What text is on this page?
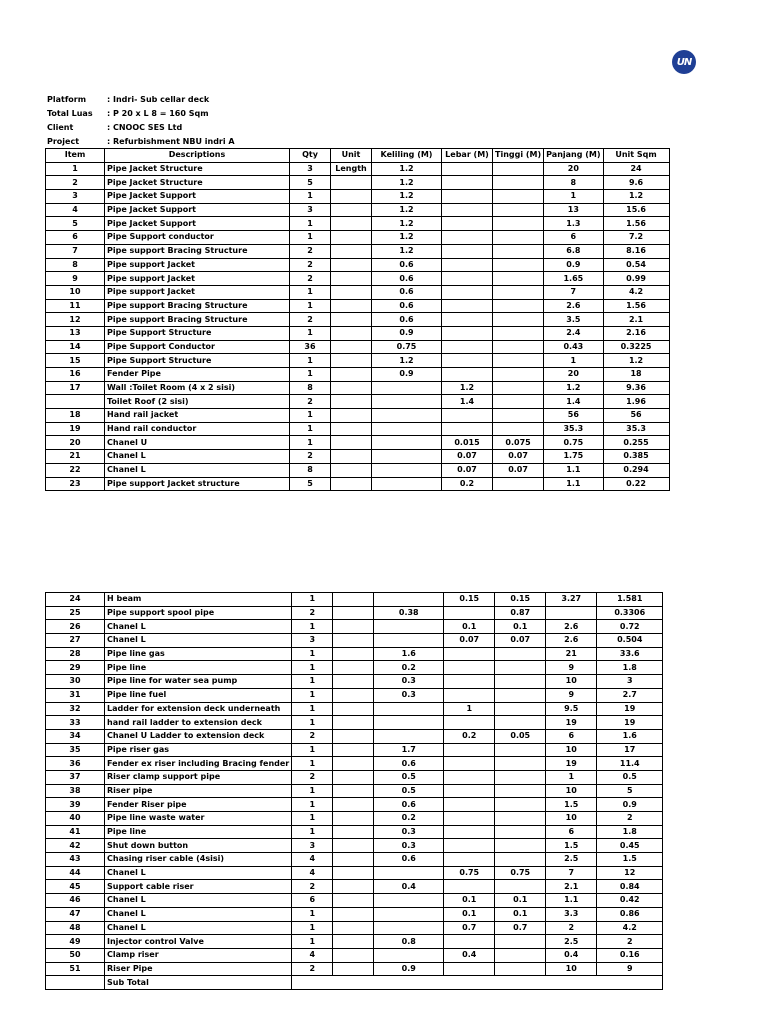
UN
Platform	: Indri- Sub cellar deck
Total Luas	: P 20 x L 8 = 160 Sqm
Client	: CNOOC SES Ltd
Project	: Refurbishment NBU indri A
Item	Descriptions	Qty	Unit	Keliling (M)	Lebar (M)	Tinggi (M)	Panjang (M)	Unit Sqm
1	Pipe Jacket Structure	3	Length	1.2			20	24
2	Pipe Jacket Structure	5		1.2			8	9.6
3	Pipe Jacket Support	1		1.2			1	1.2
4	Pipe Jacket Support	3		1.2			13	15.6
5	Pipe Jacket Support	1		1.2			1.3	1.56
6	Pipe Support conductor	1		1.2			6	7.2
7	Pipe support Bracing Structure	2		1.2			6.8	8.16
8	Pipe support Jacket	2		0.6			0.9	0.54
9	Pipe support Jacket	2		0.6			1.65	0.99
10	Pipe support Jacket	1		0.6			7	4.2
11	Pipe support Bracing Structure	1		0.6			2.6	1.56
12	Pipe support Bracing Structure	2		0.6			3.5	2.1
13	Pipe Support Structure	1		0.9			2.4	2.16
14	Pipe Support Conductor	36		0.75			0.43	0.3225
15	Pipe Support Structure	1		1.2			1	1.2
16	Fender Pipe	1		0.9			20	18
17	Wall :Toilet Room (4 x 2 sisi)	8			1.2		1.2	9.36
	Toilet Roof (2 sisi)	2			1.4		1.4	1.96
18	Hand rail jacket	1					56	56
19	Hand rail conductor	1					35.3	35.3
20	Chanel U	1			0.015	0.075	0.75	0.255
21	Chanel L	2			0.07	0.07	1.75	0.385
22	Chanel L	8			0.07	0.07	1.1	0.294
23	Pipe support Jacket structure	5			0.2		1.1	0.22
24	H beam	1			0.15	0.15	3.27	1.581
25	Pipe support spool pipe	2		0.38		0.87		0.3306
26	Chanel L	1			0.1	0.1	2.6	0.72
27	Chanel L	3			0.07	0.07	2.6	0.504
28	Pipe line gas	1		1.6			21	33.6
29	Pipe line	1		0.2			9	1.8
30	Pipe line for water sea pump	1		0.3			10	3
31	Pipe line fuel	1		0.3			9	2.7
32	Ladder for extension deck underneath	1			1		9.5	19
33	hand rail ladder to extension deck	1					19	19
34	Chanel U Ladder to extension deck	2			0.2	0.05	6	1.6
35	Pipe riser gas	1		1.7			10	17
36	Fender ex riser including Bracing fender	1		0.6			19	11.4
37	Riser clamp support pipe	2		0.5			1	0.5
38	Riser pipe	1		0.5			10	5
39	Fender Riser pipe	1		0.6			1.5	0.9
40	Pipe line waste water	1		0.2			10	2
41	Pipe line	1		0.3			6	1.8
42	Shut down button	3		0.3			1.5	0.45
43	Chasing riser cable (4sisi)	4		0.6			2.5	1.5
44	Chanel L	4			0.75	0.75	7	12
45	Support cable riser	2		0.4			2.1	0.84
46	Chanel L	6			0.1	0.1	1.1	0.42
47	Chanel L	1			0.1	0.1	3.3	0.86
48	Chanel L	1			0.7	0.7	2	4.2
49	Injector control Valve	1		0.8			2.5	2
50	Clamp riser	4			0.4		0.4	0.16
51	Riser Pipe	2		0.9			10	9
	Sub Total							
